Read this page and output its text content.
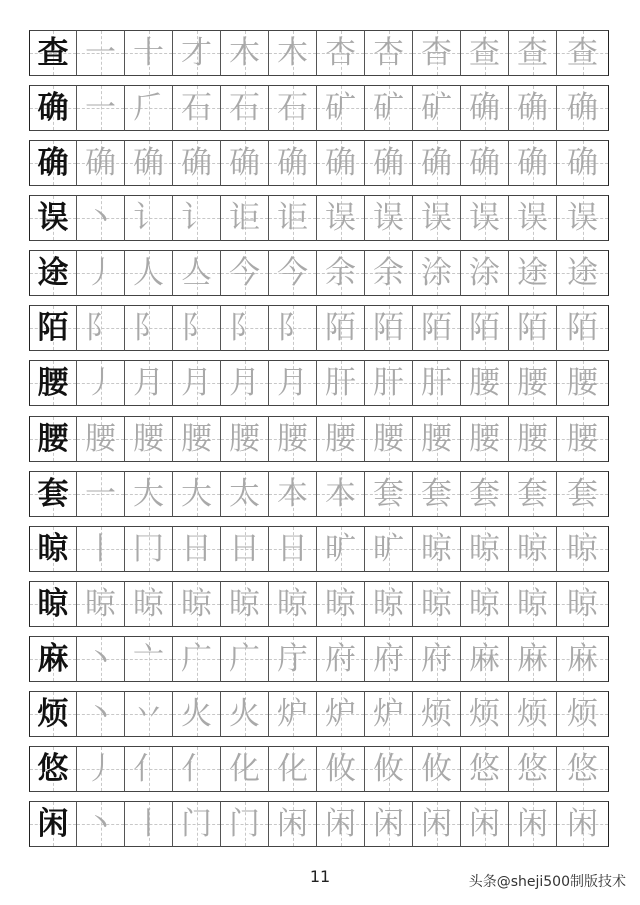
查 一 十 才 木 木 杏 杏 杳 查 查 查
确 一 𠂆 石 石 石 矿 矿 矿 确 确 确
确 确 确 确 确 确 确 确 确 确 确 确
误 丶 讠 讠 讵 讵 误 误 误 误 误 误
途 丿 人 亼 今 今 余 余 涂 涂 途 途
陌 阝 阝 阝 阝 阝 陌 陌 陌 陌 陌 陌
腰 丿 月 月 月 月 肝 肝 肝 腰 腰 腰
腰 腰 腰 腰 腰 腰 腰 腰 腰 腰 腰 腰
套 一 大 大 太 本 本 套 套 套 套 套
晾 丨 冂 日 日 日 旷 旷 晾 晾 晾 晾
晾 晾 晾 晾 晾 晾 晾 晾 晾 晾 晾 晾
麻 丶 亠 广 广 庁 府 府 府 麻 麻 麻
烦 丶 丷 火 火 炉 炉 炉 烦 烦 烦 烦
悠 丿 亻 亻 化 化 攸 攸 攸 悠 悠 悠
闲 丶 丨 门 门 闲 闲 闲 闲 闲 闲 闲
11	头条@sheji500制版技术
